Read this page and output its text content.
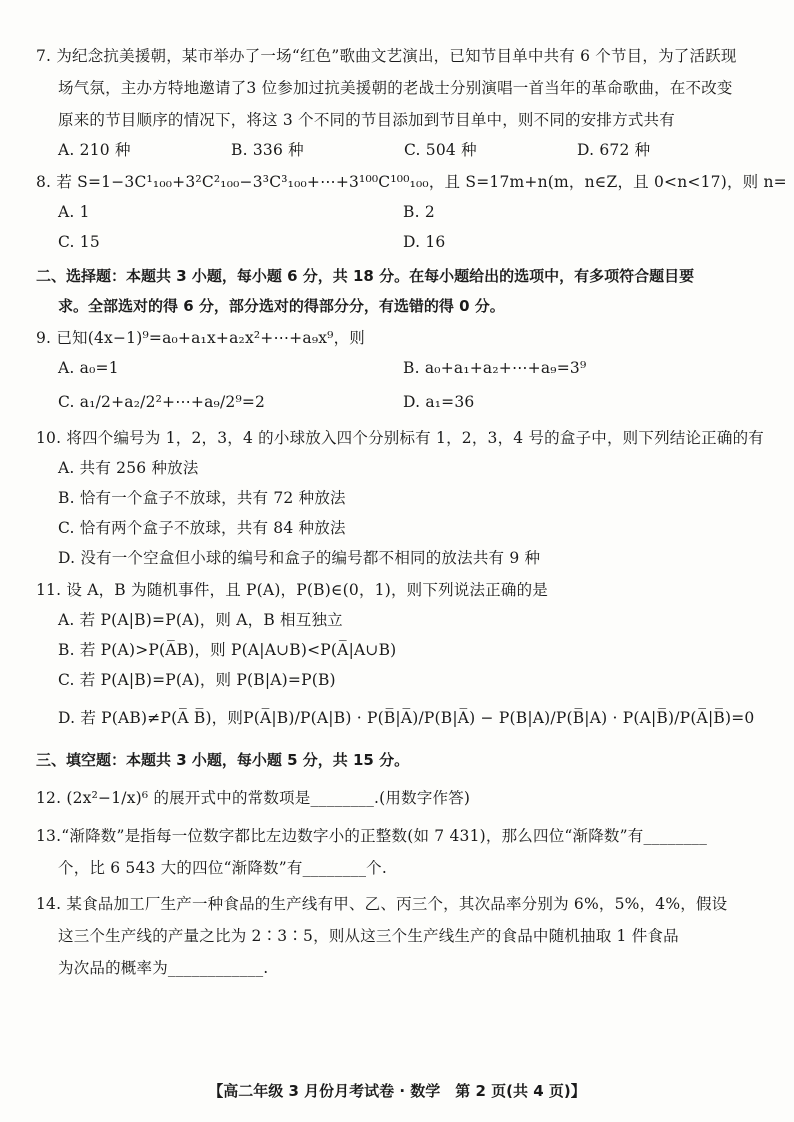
7. 为纪念抗美援朝，某市举办了一场“红色”歌曲文艺演出，已知节目单中共有 6 个节目，为了活跃现
场气氛，主办方特地邀请了3 位参加过抗美援朝的老战士分别演唱一首当年的革命歌曲，在不改变
原来的节目顺序的情况下，将这 3 个不同的节目添加到节目单中，则不同的安排方式共有
A. 210 种	B. 336 种	C. 504 种	D. 672 种
8. 若 S=1−3C¹₁₀₀+3²C²₁₀₀−3³C³₁₀₀+⋯+3¹⁰⁰C¹⁰⁰₁₀₀，且 S=17m+n(m，n∈Z，且 0<n<17)，则 n=
A. 1	B. 2
C. 15	D. 16
二、选择题：本题共 3 小题，每小题 6 分，共 18 分。在每小题给出的选项中，有多项符合题目要
求。全部选对的得 6 分，部分选对的得部分分，有选错的得 0 分。
9. 已知(4x−1)⁹=a₀+a₁x+a₂x²+⋯+a₉x⁹，则
A. a₀=1	B. a₀+a₁+a₂+⋯+a₉=3⁹
C. a₁/2+a₂/2²+⋯+a₉/2⁹=2	D. a₁=36
10. 将四个编号为 1，2，3，4 的小球放入四个分别标有 1，2，3，4 号的盒子中，则下列结论正确的有
A. 共有 256 种放法
B. 恰有一个盒子不放球，共有 72 种放法
C. 恰有两个盒子不放球，共有 84 种放法
D. 没有一个空盒但小球的编号和盒子的编号都不相同的放法共有 9 种
11. 设 A，B 为随机事件，且 P(A)，P(B)∈(0，1)，则下列说法正确的是
A. 若 P(A|B)=P(A)，则 A，B 相互独立
B. 若 P(A)>P(A̅B)，则 P(A|A∪B)<P(A̅|A∪B)
C. 若 P(A|B)=P(A)，则 P(B|A)=P(B)
D. 若 P(AB)≠P(A̅ B̅)，则P(A̅|B)/P(A|B) · P(B̅|A̅)/P(B|A̅) − P(B|A)/P(B̅|A) · P(A|B̅)/P(A̅|B̅)=0
三、填空题：本题共 3 小题，每小题 5 分，共 15 分。
12. (2x²−1/x)⁶ 的展开式中的常数项是________.(用数字作答)
13.“渐降数”是指每一位数字都比左边数字小的正整数(如 7 431)，那么四位“渐降数”有________
个，比 6 543 大的四位“渐降数”有________个.
14. 某食品加工厂生产一种食品的生产线有甲、乙、丙三个，其次品率分别为 6%，5%，4%，假设
这三个生产线的产量之比为 2∶3∶5，则从这三个生产线生产的食品中随机抽取 1 件食品
为次品的概率为____________.
【高二年级 3 月份月考试卷 · 数学　第 2 页(共 4 页)】
